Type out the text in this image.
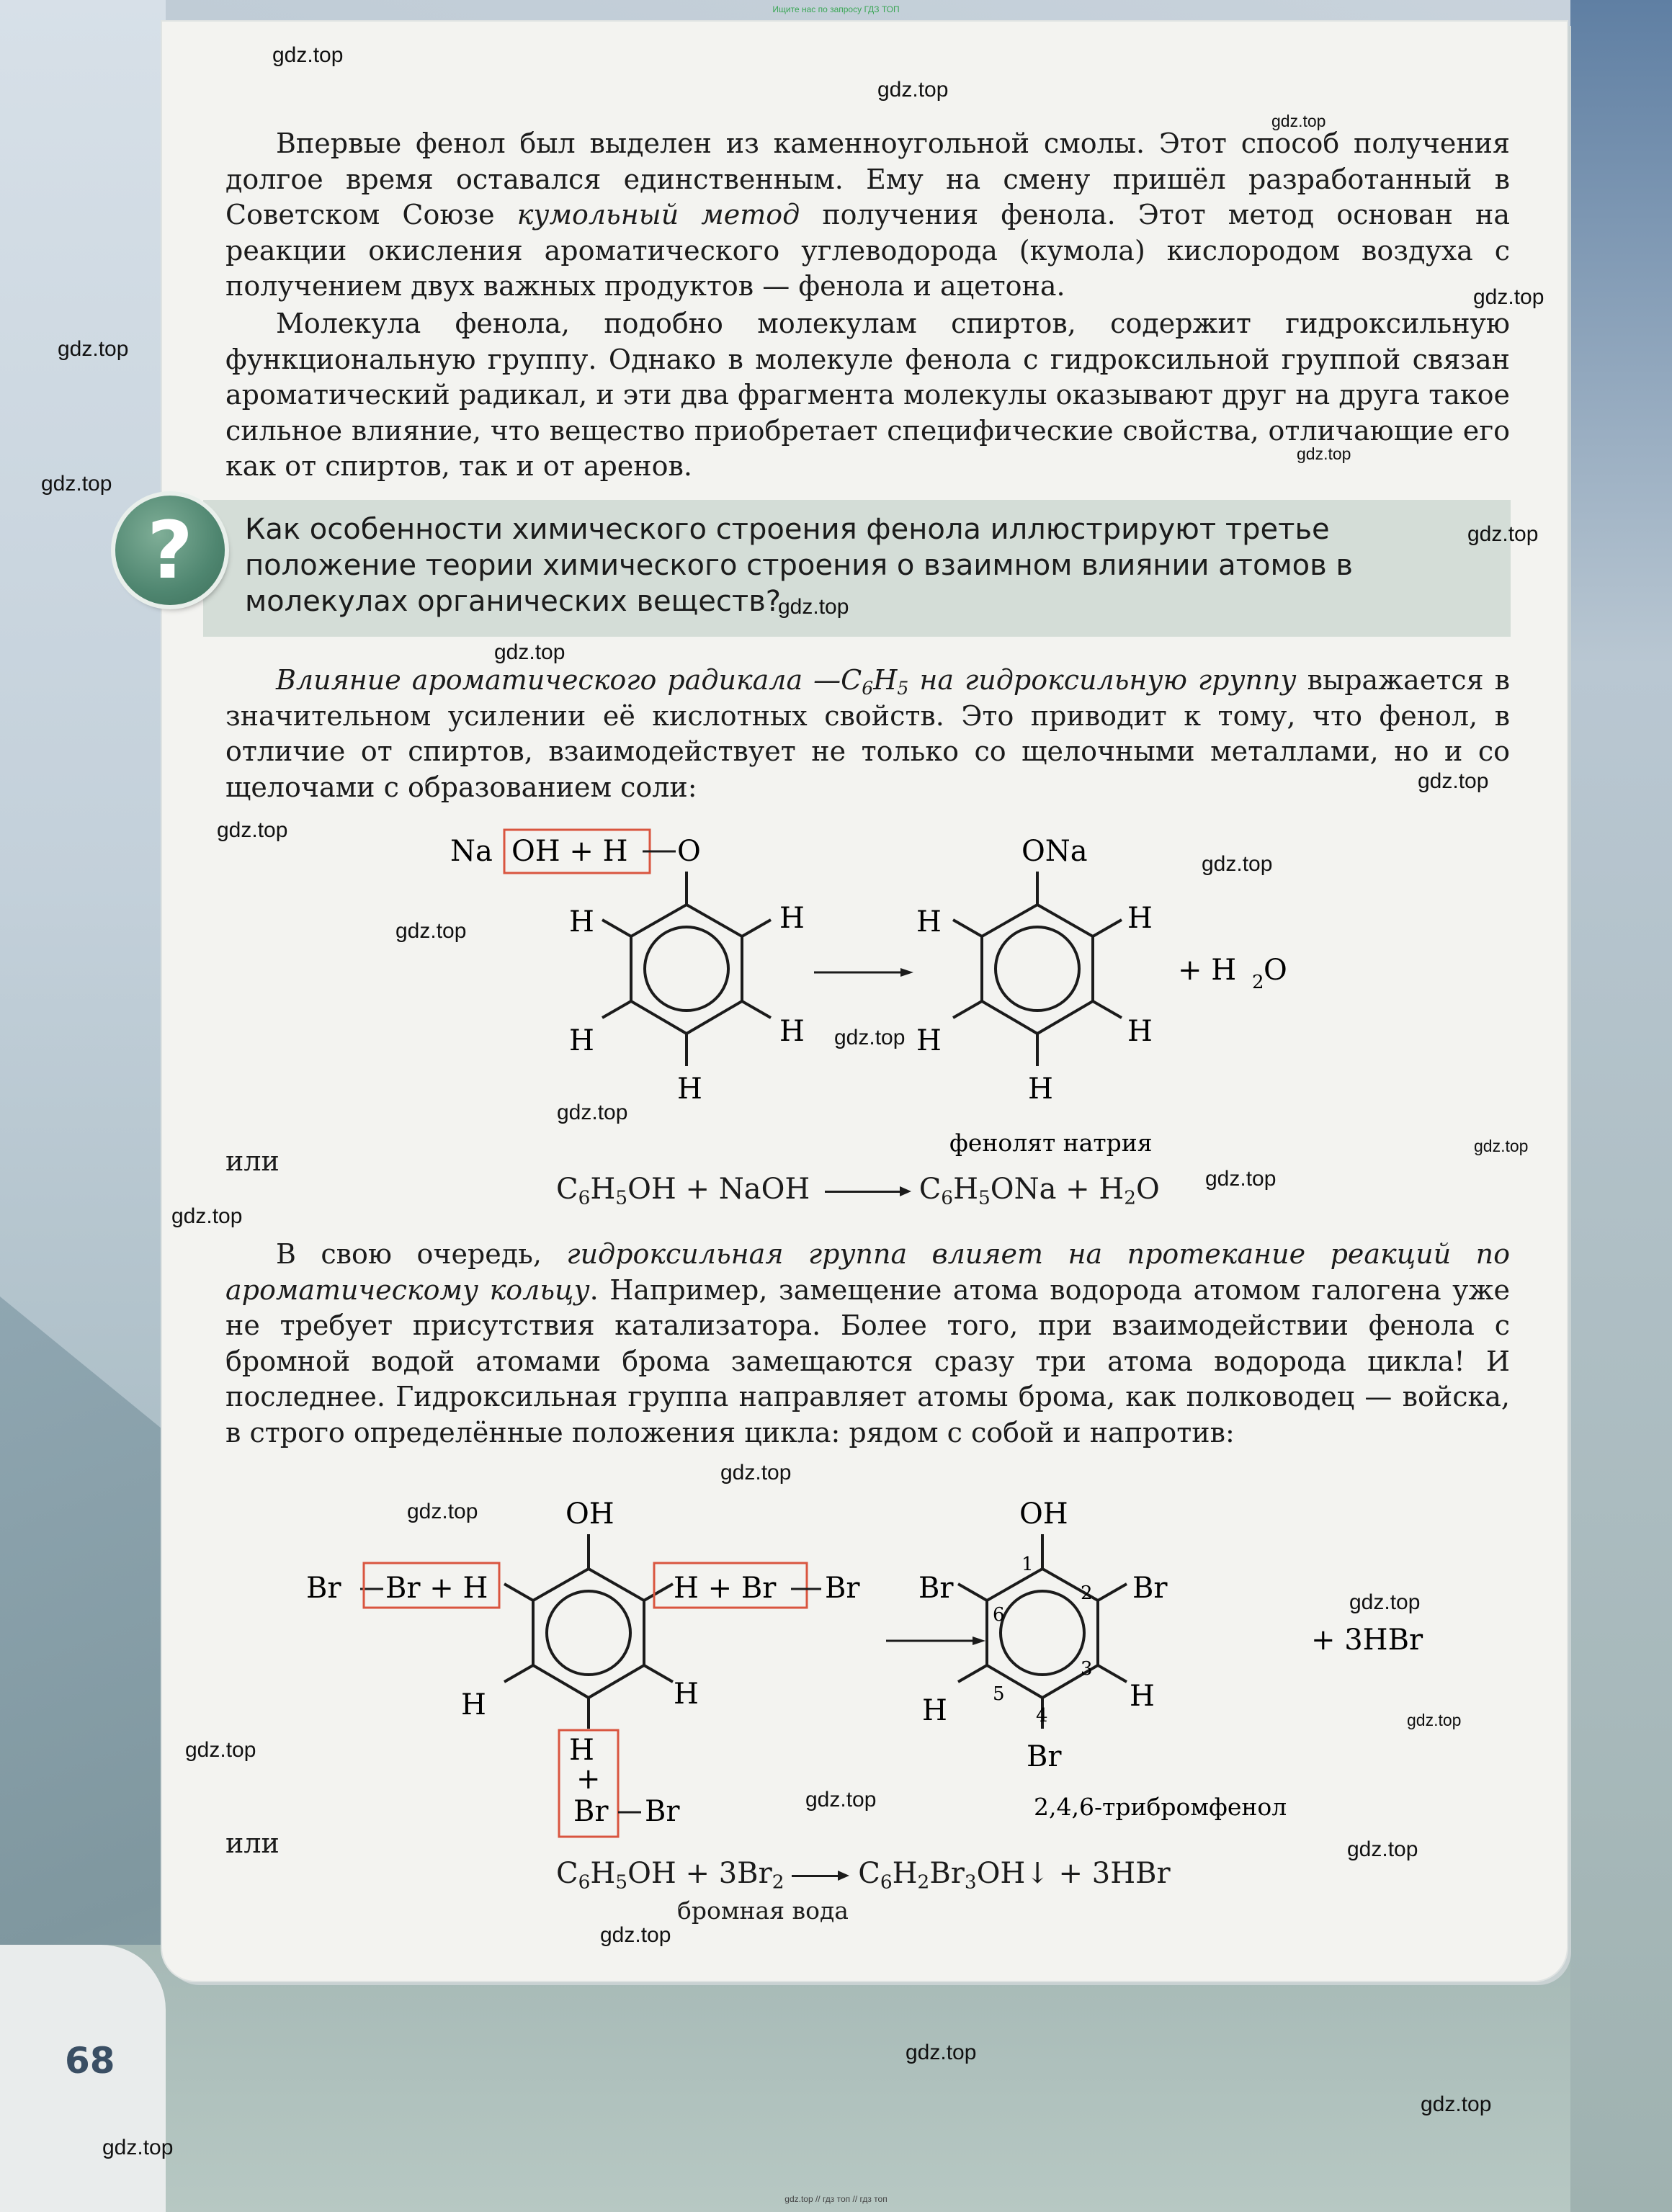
Ищите нас по запросу ГДЗ ТОП

Впервые фенол был выделен из каменноугольной смолы. Этот способ получения долгое время оставался единственным. Ему на смену пришёл разработанный в Советском Союзе кумольный метод получения фенола. Этот метод основан на реакции окисления ароматического углеводорода (кумола) кислородом воздуха с получением двух важных продуктов — фенола и ацетона.

Молекула фенола, подобно молекулам спиртов, содержит гидроксильную функциональную группу. Однако в молекуле фенола с гидроксильной группой связан ароматический радикал, и эти два фрагмента молекулы оказывают друг на друга такое сильное влияние, что вещество приобретает специфические свойства, отличающие его как от спиртов, так и от аренов.

?	Как особенности химического строения фенола иллюстрируют третье положение теории химического строения о взаимном влиянии атомов в молекулах органических веществ?

Влияние ароматического радикала $—C_6H_5$ на гидроксильную группу выражается в значительном усилении её кислотных свойств. Это приводит к тому, что фенол, в отличие от спиртов, взаимодействует не только со щелочными металлами, но и со щелочами с образованием соли:

Na OH + H O
H	H
H	H
H
ONa
H	H
H	H
H
+ H 2 O
фенолят натрия
или
$C_6H_5OH$ + NaOH	$C_6H_5ONa + H_2O$

В свою очередь, гидроксильная группа влияет на протекание реакций по ароматическому кольцу. Например, замещение атома водорода атомом галогена уже не требует присутствия катализатора. Более того, при взаимодействии фенола с бромной водой атомами брома замещаются сразу три атома водорода цикла! И последнее. Гидроксильная группа направляет атомы брома, как полководец — войска, в строго определённые положения цикла: рядом с собой и напротив:

OH
Br Br + H	H + Br Br
H	H
H
+
Br Br
OH
1
2
3
4
5
6
Br	Br
H	H
Br
+ 3HBr
2,4,6-трибромфенол
или
$C_6H_5OH + 3Br_2$	$C_6H_2Br_3OH↓ + 3HBr$
бромная вода
68
gdz.top
gdz.top
gdz.top
gdz.top
gdz.top
gdz.top
gdz.top
gdz.top
gdz.top
gdz.top
gdz.top
gdz.top
gdz.top
gdz.top
gdz.top
gdz.top
gdz.top
gdz.top
gdz.top
gdz.top
gdz.top
gdz.top
gdz.top
gdz.top
gdz.top
gdz.top
gdz.top
gdz.top
gdz.top
gdz.top
gdz.top // гдз топ // гдз топ
